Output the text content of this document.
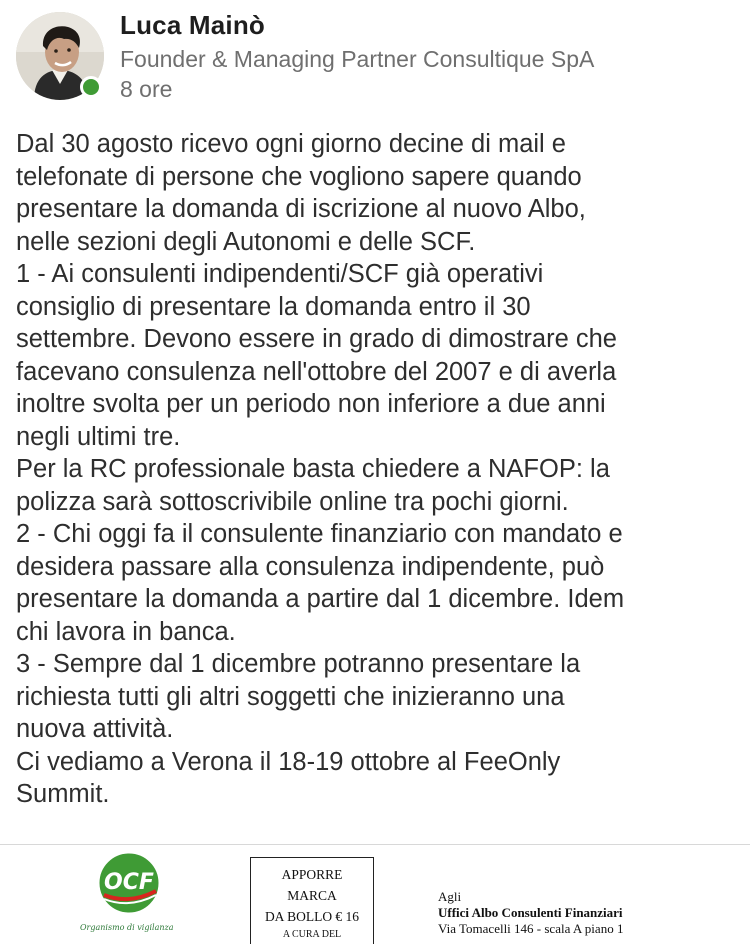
Luca Mainò
Founder & Managing Partner Consultique SpA
8 ore

Dal 30 agosto ricevo ogni giorno decine di mail e

telefonate di persone che vogliono sapere quando

presentare la domanda di iscrizione al nuovo Albo,

nelle sezioni degli Autonomi e delle SCF.

1 - Ai consulenti indipendenti/SCF già operativi

consiglio di presentare la domanda entro il 30

settembre. Devono essere in grado di dimostrare che

facevano consulenza nell'ottobre del 2007 e di averla

inoltre svolta per un periodo non inferiore a due anni

negli ultimi tre.

Per la RC professionale basta chiedere a NAFOP: la

polizza sarà sottoscrivibile online tra pochi giorni.

2 - Chi oggi fa il consulente finanziario con mandato e

desidera passare alla consulenza indipendente, può

presentare la domanda a partire dal 1 dicembre. Idem

chi lavora in banca.

3 - Sempre dal 1 dicembre potranno presentare la

richiesta tutti gli altri soggetti che inizieranno una

nuova attività.

Ci vediamo a Verona il 18-19 ottobre al FeeOnly

Summit.

OCF
Organismo di vigilanza
APPORRE
MARCA
DA BOLLO € 16
A CURA DEL
Agli
Uffici Albo Consulenti Finanziari
Via Tomacelli 146 - scala A piano 1
